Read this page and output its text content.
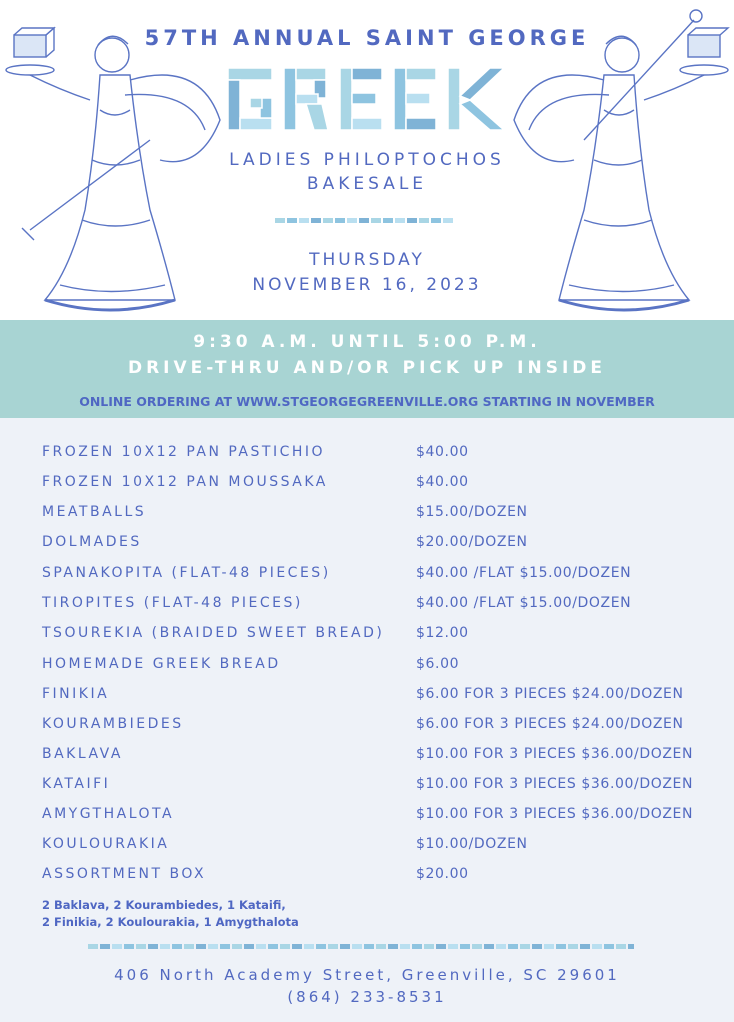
57TH ANNUAL SAINT GEORGE
LADIES PHILOPTOCHOS
BAKESALE
THURSDAY
NOVEMBER 16, 2023
9:30 A.M. UNTIL 5:00 P.M.
DRIVE-THRU AND/OR PICK UP INSIDE
ONLINE ORDERING AT WWW.STGEORGEGREENVILLE.ORG STARTING IN NOVEMBER
FROZEN 10X12 PAN PASTICHIO	$40.00
FROZEN 10X12 PAN MOUSSAKA	$40.00
MEATBALLS	$15.00/DOZEN
DOLMADES	$20.00/DOZEN
SPANAKOPITA (FLAT-48 PIECES)	$40.00 /FLAT $15.00/DOZEN
TIROPITES (FLAT-48 PIECES)	$40.00 /FLAT $15.00/DOZEN
TSOUREKIA (BRAIDED SWEET BREAD) $12.00
HOMEMADE GREEK BREAD	$6.00
FINIKIA	$6.00 FOR 3 PIECES $24.00/DOZEN
KOURAMBIEDES	$6.00 FOR 3 PIECES $24.00/DOZEN
BAKLAVA	$10.00 FOR 3 PIECES $36.00/DOZEN
KATAIFI	$10.00 FOR 3 PIECES $36.00/DOZEN
AMYGTHALOTA	$10.00 FOR 3 PIECES $36.00/DOZEN
KOULOURAKIA	$10.00/DOZEN
ASSORTMENT BOX	$20.00
2 Baklava, 2 Kourambiedes, 1 Kataifi,
2 Finikia, 2 Koulourakia, 1 Amygthalota
406 North Academy Street, Greenville, SC 29601
(864) 233-8531
